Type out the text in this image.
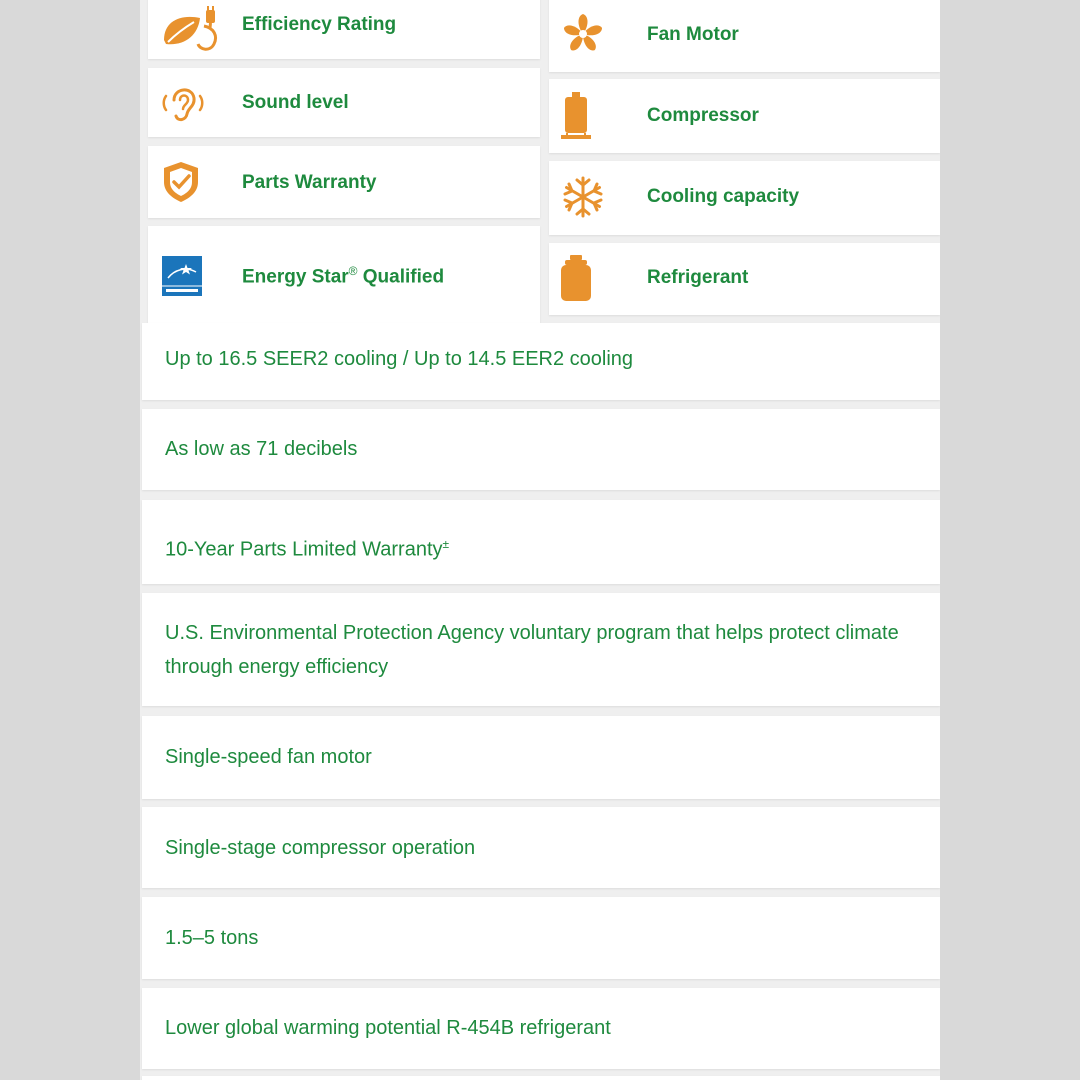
Efficiency Rating
Sound level
Parts Warranty
Energy Star® Qualified
Fan Motor
Compressor
Cooling capacity
Refrigerant
Up to 16.5 SEER2 cooling / Up to 14.5 EER2 cooling
As low as 71 decibels
10-Year Parts Limited Warranty±
U.S. Environmental Protection Agency voluntary program that helps protect climate through energy efficiency
Single-speed fan motor
Single-stage compressor operation
1.5–5 tons
Lower global warming potential R-454B refrigerant
